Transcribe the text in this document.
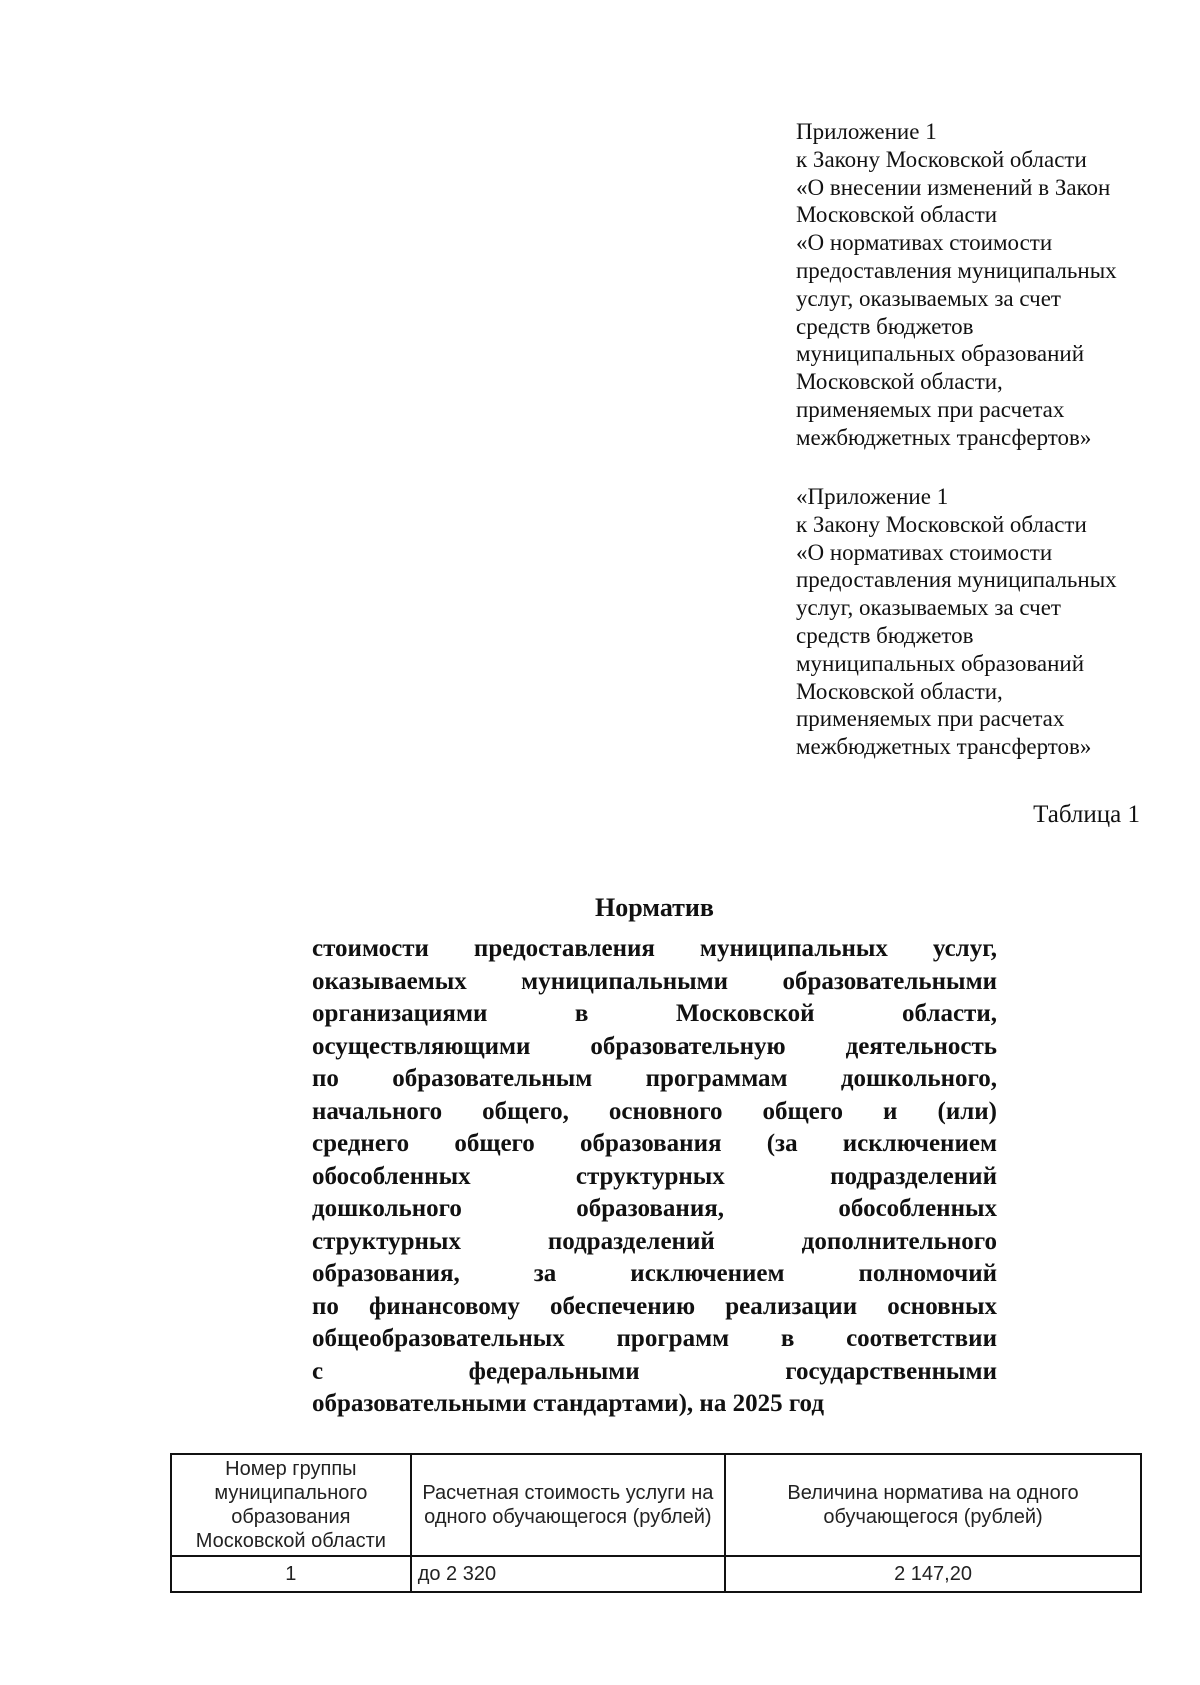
Приложение 1
к Закону Московской области
«О внесении изменений в Закон
Московской области
«О нормативах стоимости
предоставления муниципальных
услуг, оказываемых за счет
средств бюджетов
муниципальных образований
Московской области,
применяемых при расчетах
межбюджетных трансфертов»
«Приложение 1
к Закону Московской области
«О нормативах стоимости
предоставления муниципальных
услуг, оказываемых за счет
средств бюджетов
муниципальных образований
Московской области,
применяемых при расчетах
межбюджетных трансфертов»
Таблица 1
Норматив
стоимости предоставления муниципальных услуг,
оказываемых муниципальными образовательными
организациями в Московской области,
осуществляющими образовательную деятельность
по образовательным программам дошкольного,
начального общего, основного общего и (или)
среднего общего образования (за исключением
обособленных структурных подразделений
дошкольного образования, обособленных
структурных подразделений дополнительного
образования, за исключением полномочий
по финансовому обеспечению реализации основных
общеобразовательных программ в соответствии
с федеральными государственными
образовательными стандартами), на 2025 год
Номер группы муниципального образования Московской области	Расчетная стоимость услуги на одного обучающегося (рублей)	Величина норматива на одного обучающегося (рублей)
1	до 2 320	2 147,20
